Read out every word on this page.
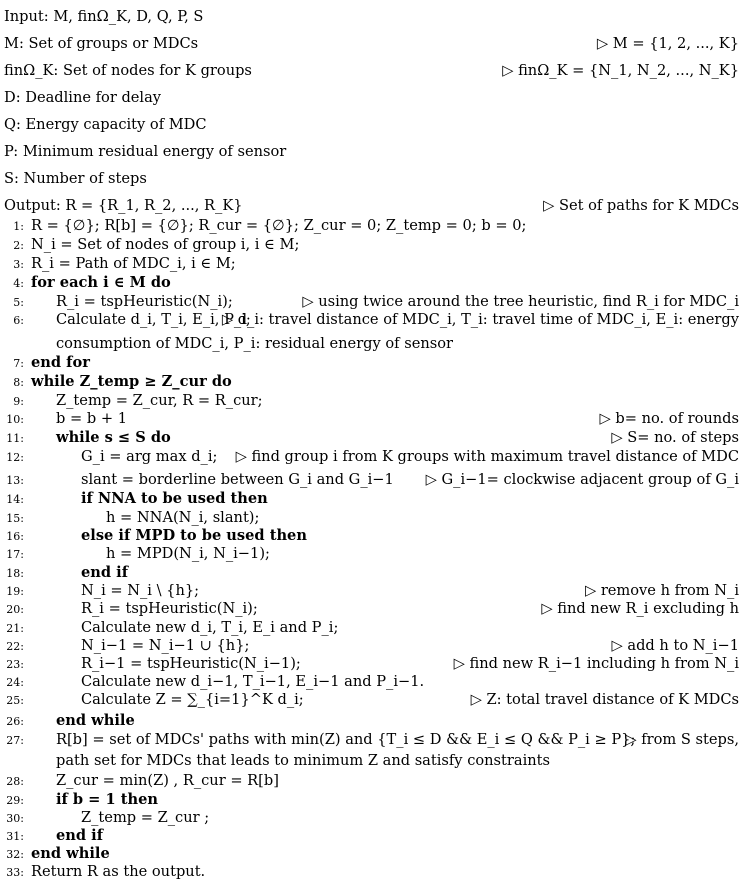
Input: M, finΩ_K, D, Q, P, S
M: Set of groups or MDCs	▷ M = {1, 2, ..., K}
finΩ_K: Set of nodes for K groups	▷ finΩ_K = {N_1, N_2, ..., N_K}
D: Deadline for delay
Q: Energy capacity of MDC
P: Minimum residual energy of sensor
S: Number of steps
Output: R = {R_1, R_2, ..., R_K}	▷ Set of paths for K MDCs
1: R = {∅}; R[b] = {∅}; R_cur = {∅}; Z_cur = 0; Z_temp = 0; b = 0;
2: N_i = Set of nodes of group i, i ∈ M;
3: R_i = Path of MDC_i, i ∈ M;
4: for each i ∈ M do
5: R_i = tspHeuristic(N_i);	▷ using twice around the tree heuristic, find R_i for MDC_i
6: Calculate d_i, T_i, E_i, P_i;
▷ d_i: travel distance of MDC_i, T_i: travel time of MDC_i, E_i: energy
consumption of MDC_i, P_i: residual energy of sensor
7: end for
8: while Z_temp ≥ Z_cur do
9: Z_temp = Z_cur, R = R_cur;
10: b = b + 1	▷ b= no. of rounds
11: while s ≤ S do	▷ S= no. of steps
12:	G_i = arg max d_i; ▷ find group i from K groups with maximum travel distance of MDC
13:	slant = borderline between G_i and G_i−1 ▷ G_i−1= clockwise adjacent group of G_i
14:	if NNA to be used then
15:	h = NNA(N_i, slant);
16:	else if MPD to be used then
17:	h = MPD(N_i, N_i−1);
18:	end if
19:	N_i = N_i \ {h};	▷ remove h from N_i
20:	R_i = tspHeuristic(N_i);	▷ find new R_i excluding h
21:	Calculate new d_i, T_i, E_i and P_i;
22:	N_i−1 = N_i−1 ∪ {h};	▷ add h to N_i−1
23:	R_i−1 = tspHeuristic(N_i−1);	▷ find new R_i−1 including h from N_i
24:	Calculate new d_i−1, T_i−1, E_i−1 and P_i−1.
25:	Calculate Z = ∑_{i=1}^K d_i;	▷ Z: total travel distance of K MDCs
26: end while
27: R[b] = set of MDCs' paths with min(Z) and {T_i ≤ D && E_i ≤ Q && P_i ≥ P};
▷ from S steps,
path set for MDCs that leads to minimum Z and satisfy constraints
28: Z_cur = min(Z) , R_cur = R[b]
29: if b = 1 then
30:	Z_temp = Z_cur ;
31: end if
32: end while
33: Return R as the output.
